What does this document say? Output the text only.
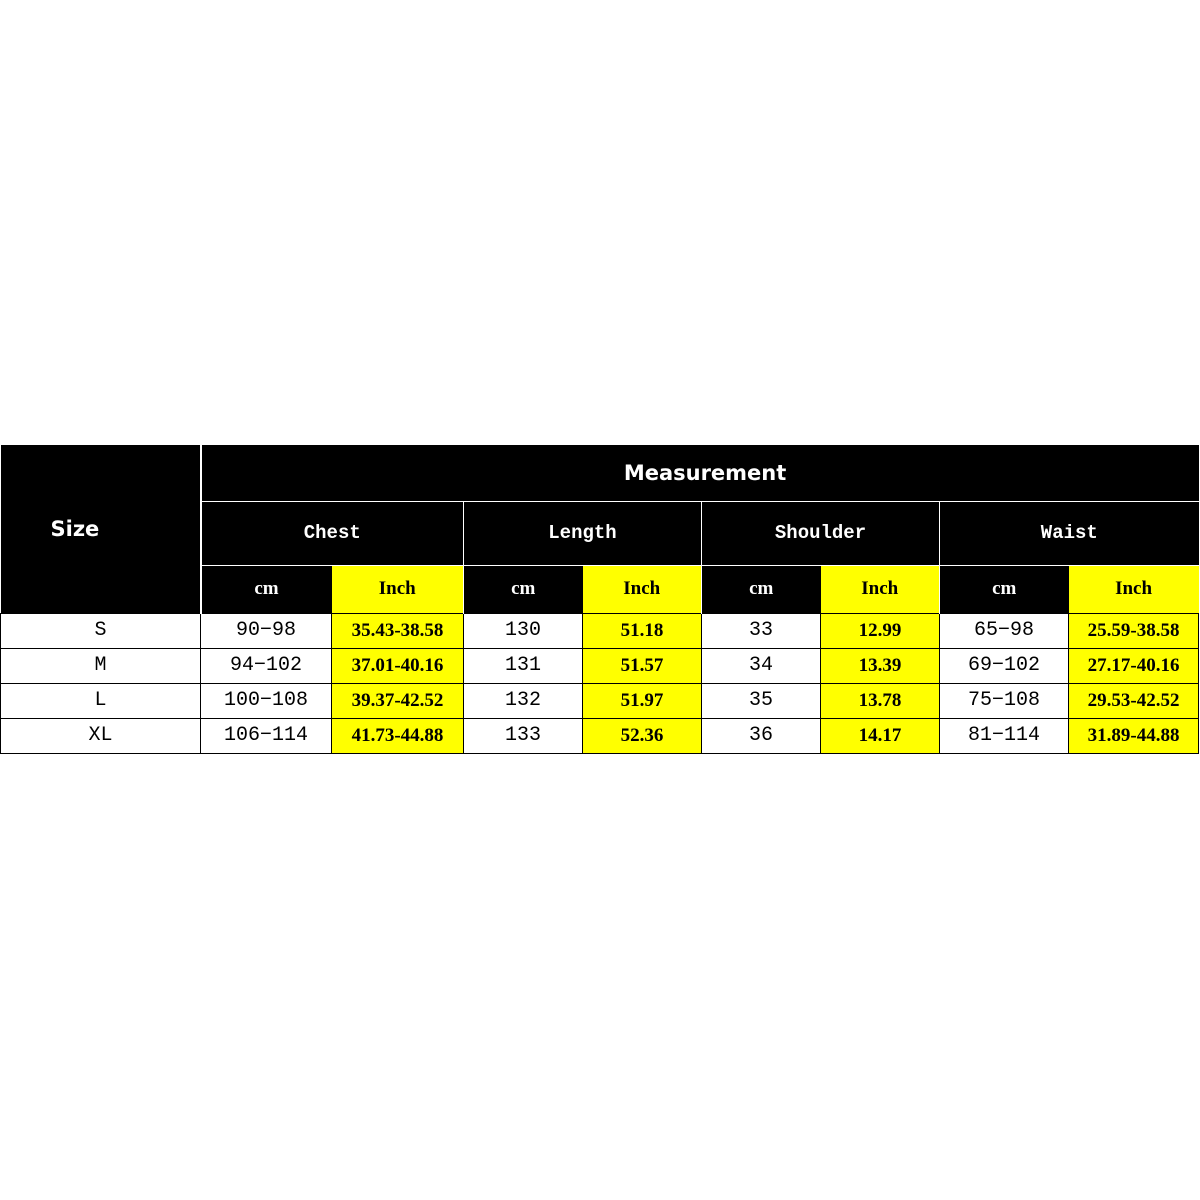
Size	Measurement							
	Chest		Length		Shoulder		Waist	
	cm	Inch	cm	Inch	cm	Inch	cm	Inch
S	90−98	35.43-38.58	130	51.18	33	12.99	65−98	25.59-38.58
M	94−102	37.01-40.16	131	51.57	34	13.39	69−102	27.17-40.16
L	100−108	39.37-42.52	132	51.97	35	13.78	75−108	29.53-42.52
XL	106−114	41.73-44.88	133	52.36	36	14.17	81−114	31.89-44.88
